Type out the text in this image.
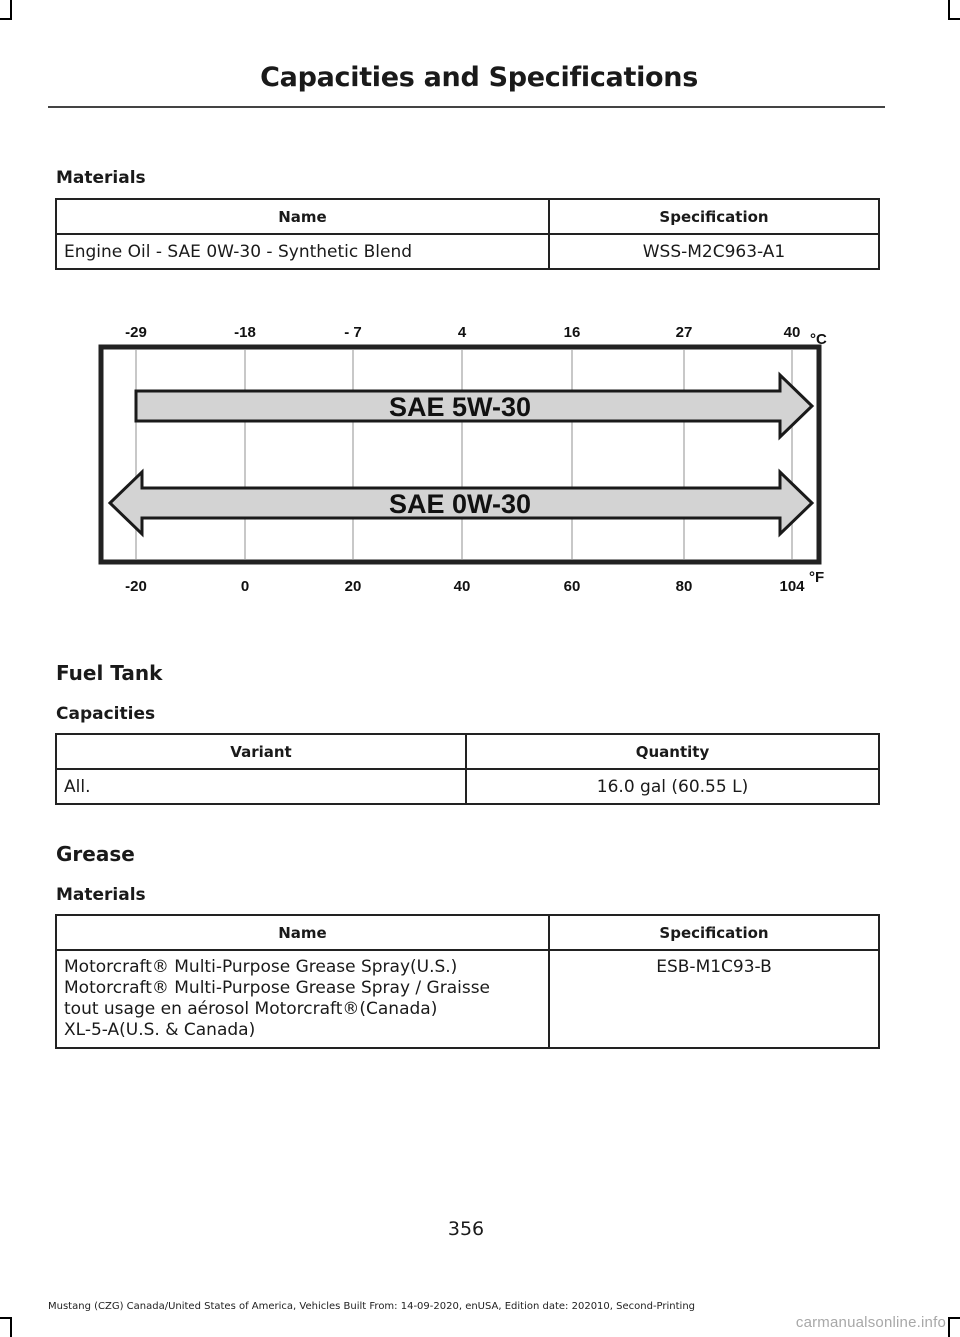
Capacities and Specifications
Materials
Name	Specification
Engine Oil - SAE 0W-30 - Synthetic Blend	WSS-M2C963-A1
SAE 5W-30
SAE 0W-30
-29	-18	- 7	4	16	27	40
-20	0	20	40	60	80	104
°C
°F
Fuel Tank
Capacities
Variant	Quantity
All.	16.0 gal (60.55 L)
Grease
Materials
Name	Specification

Motorcraft® Multi-Purpose Grease Spray(U.S.)
Motorcraft® Multi-Purpose Grease Spray / Graisse
tout usage en aérosol Motorcraft®(Canada)
XL-5-A(U.S. & Canada)	ESB-M1C93-B
356
Mustang (CZG) Canada/United States of America, Vehicles Built From: 14-09-2020, enUSA, Edition date: 202010, Second-Printing
carmanualsonline.info
